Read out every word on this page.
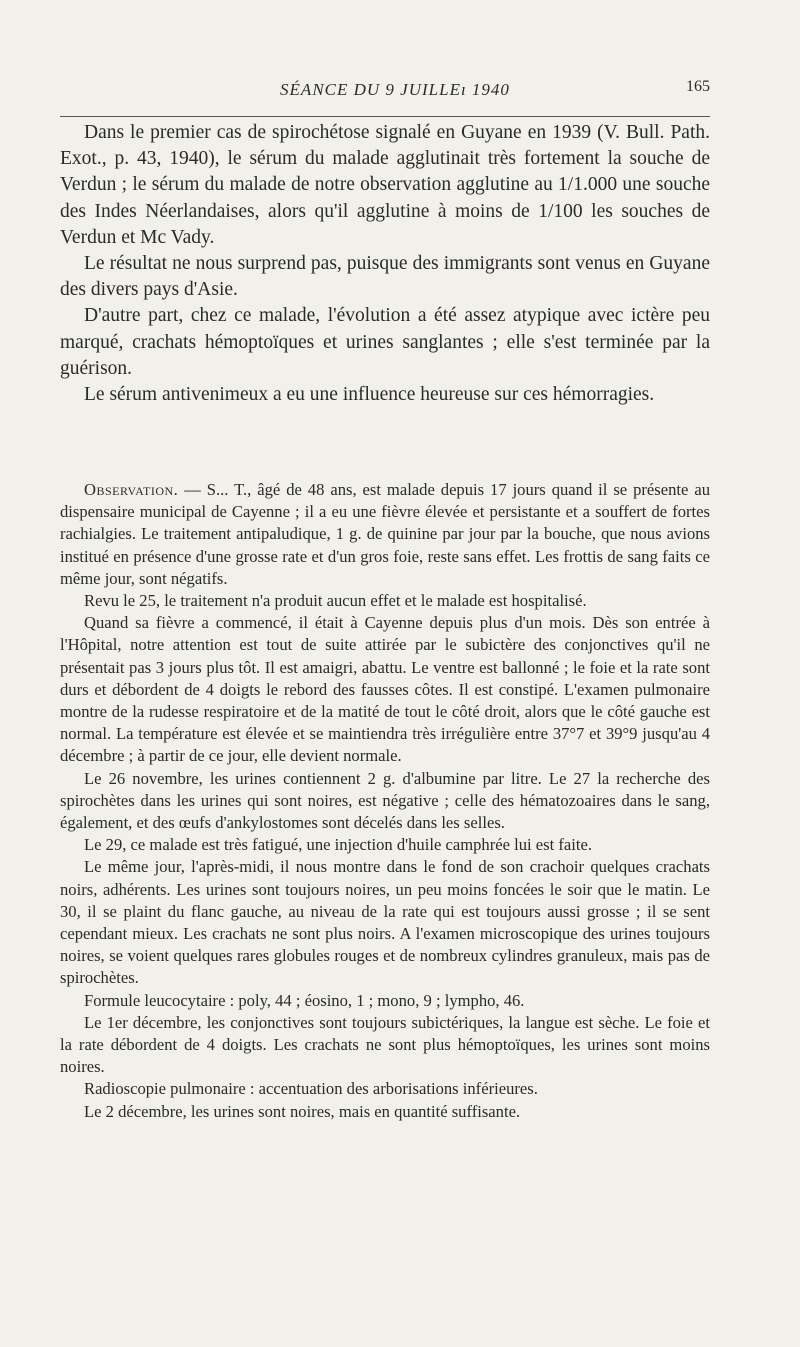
SÉANCE DU 9 JUILLEı 1940	165

Dans le premier cas de spirochétose signalé en Guyane en 1939 (V. Bull. Path. Exot., p. 43, 1940), le sérum du malade agglutinait très fortement la souche de Verdun ; le sérum du malade de notre observation agglutine au 1/1.000 une souche des Indes Néerlandaises, alors qu'il agglutine à moins de 1/100 les souches de Verdun et Mc Vady.

Le résultat ne nous surprend pas, puisque des immigrants sont venus en Guyane des divers pays d'Asie.

D'autre part, chez ce malade, l'évolution a été assez atypique avec ictère peu marqué, crachats hémoptoïques et urines sanglantes ; elle s'est terminée par la guérison.

Le sérum antivenimeux a eu une influence heureuse sur ces hémorragies.

Observation. — S... T., âgé de 48 ans, est malade depuis 17 jours quand il se présente au dispensaire municipal de Cayenne ; il a eu une fièvre élevée et persistante et a souffert de fortes rachialgies. Le traitement antipaludique, 1 g. de quinine par jour par la bouche, que nous avions institué en présence d'une grosse rate et d'un gros foie, reste sans effet. Les frottis de sang faits ce même jour, sont négatifs.

Revu le 25, le traitement n'a produit aucun effet et le malade est hospitalisé.

Quand sa fièvre a commencé, il était à Cayenne depuis plus d'un mois. Dès son entrée à l'Hôpital, notre attention est tout de suite attirée par le subictère des conjonctives qu'il ne présentait pas 3 jours plus tôt. Il est amaigri, abattu. Le ventre est ballonné ; le foie et la rate sont durs et débordent de 4 doigts le rebord des fausses côtes. Il est constipé. L'examen pulmonaire montre de la rudesse respiratoire et de la matité de tout le côté droit, alors que le côté gauche est normal. La température est élevée et se maintiendra très irrégulière entre 37°7 et 39°9 jusqu'au 4 décembre ; à partir de ce jour, elle devient normale.

Le 26 novembre, les urines contiennent 2 g. d'albumine par litre. Le 27 la recherche des spirochètes dans les urines qui sont noires, est négative ; celle des hématozoaires dans le sang, également, et des œufs d'ankylostomes sont décelés dans les selles.

Le 29, ce malade est très fatigué, une injection d'huile camphrée lui est faite.

Le même jour, l'après-midi, il nous montre dans le fond de son crachoir quelques crachats noirs, adhérents. Les urines sont toujours noires, un peu moins foncées le soir que le matin. Le 30, il se plaint du flanc gauche, au niveau de la rate qui est toujours aussi grosse ; il se sent cependant mieux. Les crachats ne sont plus noirs. A l'examen microscopique des urines toujours noires, se voient quelques rares globules rouges et de nombreux cylindres granuleux, mais pas de spirochètes.

Formule leucocytaire : poly, 44 ; éosino, 1 ; mono, 9 ; lympho, 46.

Le 1er décembre, les conjonctives sont toujours subictériques, la langue est sèche. Le foie et la rate débordent de 4 doigts. Les crachats ne sont plus hémoptoïques, les urines sont moins noires.

Radioscopie pulmonaire : accentuation des arborisations inférieures.

Le 2 décembre, les urines sont noires, mais en quantité suffisante.
